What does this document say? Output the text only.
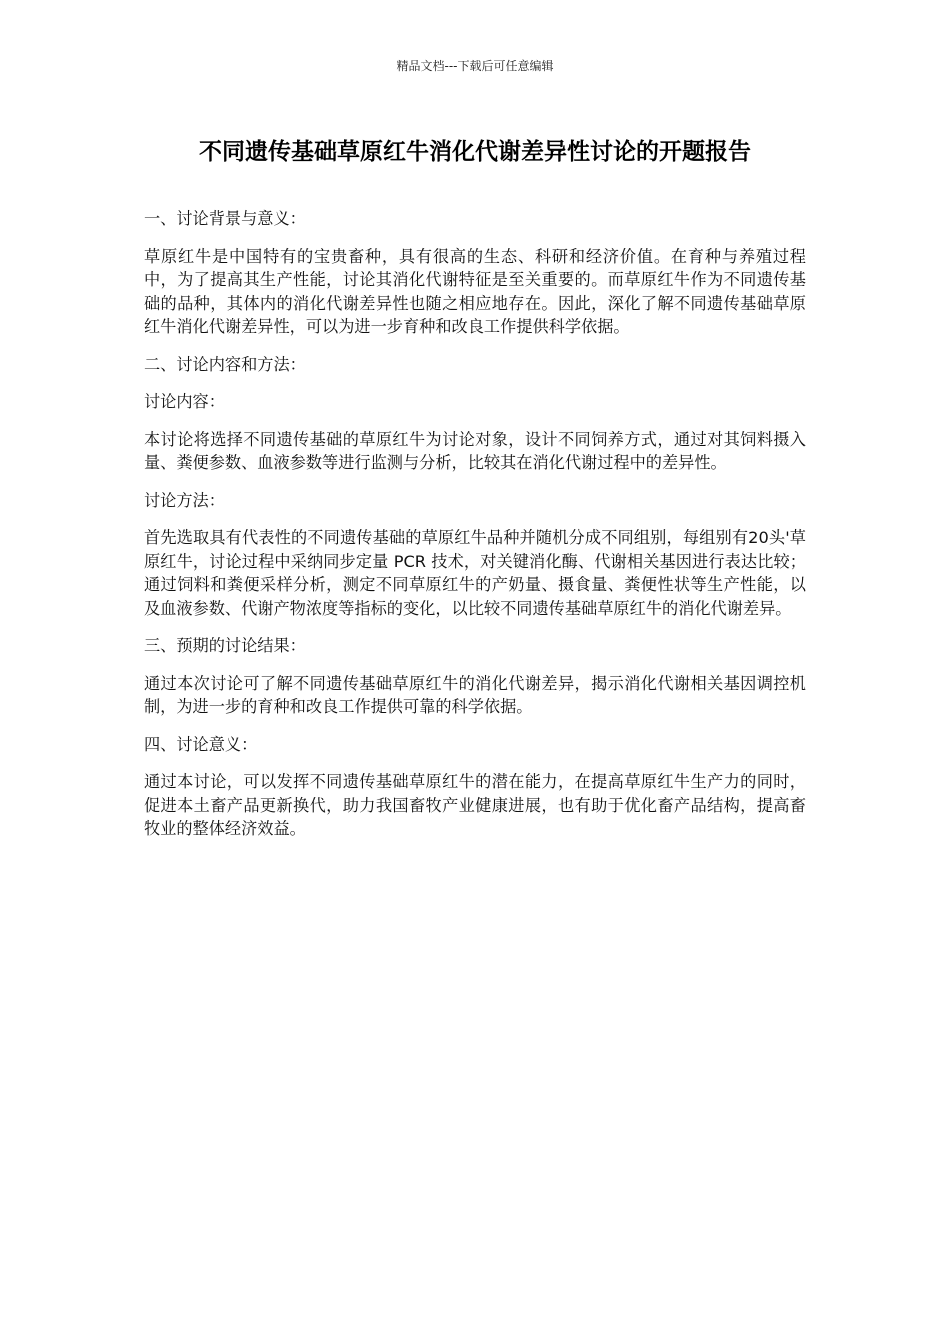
精品文档---下载后可任意编辑
不同遗传基础草原红牛消化代谢差异性讨论的开题报告

一、讨论背景与意义：

草原红牛是中国特有的宝贵畜种，具有很高的生态、科研和经济价值。在育种与养殖过程中，为了提高其生产性能，讨论其消化代谢特征是至关重要的。而草原红牛作为不同遗传基础的品种，其体内的消化代谢差异性也随之相应地存在。因此，深化了解不同遗传基础草原红牛消化代谢差异性，可以为进一步育种和改良工作提供科学依据。

二、讨论内容和方法：

讨论内容：

本讨论将选择不同遗传基础的草原红牛为讨论对象，设计不同饲养方式，通过对其饲料摄入量、粪便参数、血液参数等进行监测与分析，比较其在消化代谢过程中的差异性。

讨论方法：

首先选取具有代表性的不同遗传基础的草原红牛品种并随机分成不同组别，每组别有20头'草原红牛，讨论过程中采纳同步定量 PCR 技术，对关键消化酶、代谢相关基因进行表达比较；通过饲料和粪便采样分析，测定不同草原红牛的产奶量、摄食量、粪便性状等生产性能，以及血液参数、代谢产物浓度等指标的变化，以比较不同遗传基础草原红牛的消化代谢差异。

三、预期的讨论结果：

通过本次讨论可了解不同遗传基础草原红牛的消化代谢差异，揭示消化代谢相关基因调控机制，为进一步的育种和改良工作提供可靠的科学依据。

四、讨论意义：

通过本讨论，可以发挥不同遗传基础草原红牛的潜在能力，在提高草原红牛生产力的同时，促进本土畜产品更新换代，助力我国畜牧产业健康进展，也有助于优化畜产品结构，提高畜牧业的整体经济效益。
